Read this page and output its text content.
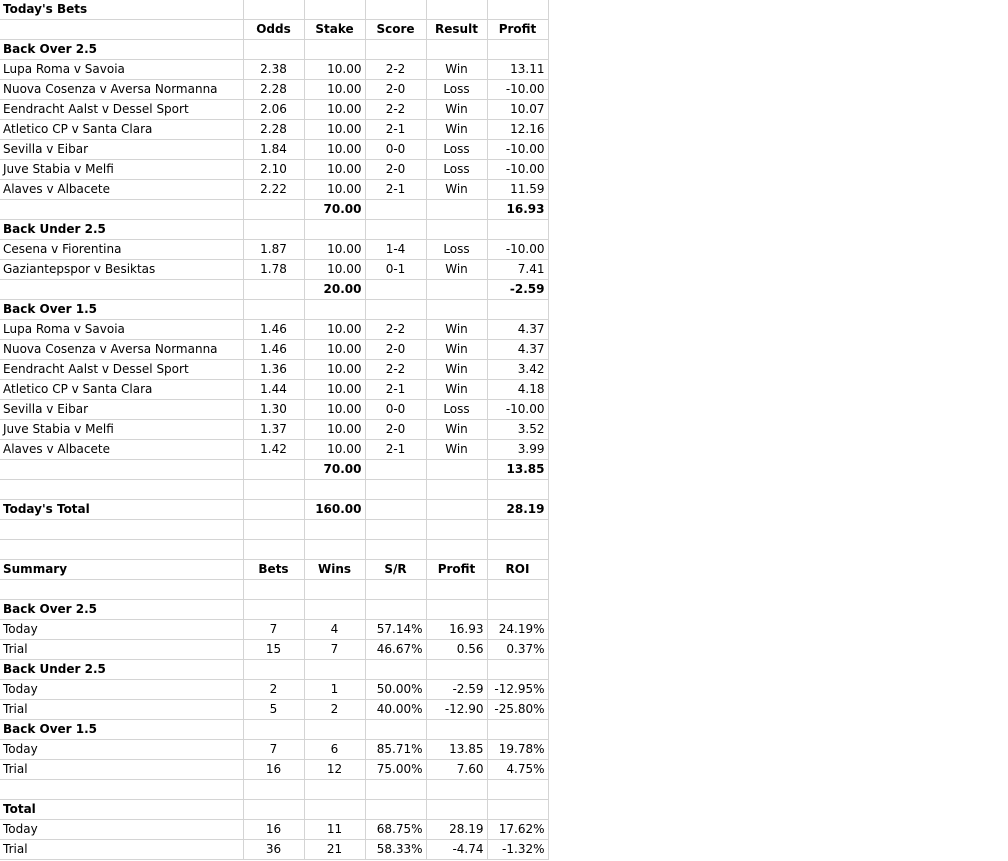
Today's Bets					
	Odds	Stake	Score	Result	Profit
Back Over 2.5					
Lupa Roma v Savoia	2.38	10.00	2-2	Win	13.11
Nuova Cosenza v Aversa Normanna	2.28	10.00	2-0	Loss	-10.00
Eendracht Aalst v Dessel Sport	2.06	10.00	2-2	Win	10.07
Atletico CP v Santa Clara	2.28	10.00	2-1	Win	12.16
Sevilla v Eibar	1.84	10.00	0-0	Loss	-10.00
Juve Stabia v Melfi	2.10	10.00	2-0	Loss	-10.00
Alaves v Albacete	2.22	10.00	2-1	Win	11.59
		70.00			16.93
Back Under 2.5					
Cesena v Fiorentina	1.87	10.00	1-4	Loss	-10.00
Gaziantepspor v Besiktas	1.78	10.00	0-1	Win	7.41
		20.00			-2.59
Back Over 1.5					
Lupa Roma v Savoia	1.46	10.00	2-2	Win	4.37
Nuova Cosenza v Aversa Normanna	1.46	10.00	2-0	Win	4.37
Eendracht Aalst v Dessel Sport	1.36	10.00	2-2	Win	3.42
Atletico CP v Santa Clara	1.44	10.00	2-1	Win	4.18
Sevilla v Eibar	1.30	10.00	0-0	Loss	-10.00
Juve Stabia v Melfi	1.37	10.00	2-0	Win	3.52
Alaves v Albacete	1.42	10.00	2-1	Win	3.99
		70.00			13.85

Today's Total		160.00			28.19

Summary	Bets	Wins	S/R	Profit	ROI

Back Over 2.5					
Today	7	4	57.14%	16.93	24.19%
Trial	15	7	46.67%	0.56	0.37%
Back Under 2.5					
Today	2	1	50.00%	-2.59	-12.95%
Trial	5	2	40.00%	-12.90	-25.80%
Back Over 1.5					
Today	7	6	85.71%	13.85	19.78%
Trial	16	12	75.00%	7.60	4.75%

Total					
Today	16	11	68.75%	28.19	17.62%
Trial	36	21	58.33%	-4.74	-1.32%
